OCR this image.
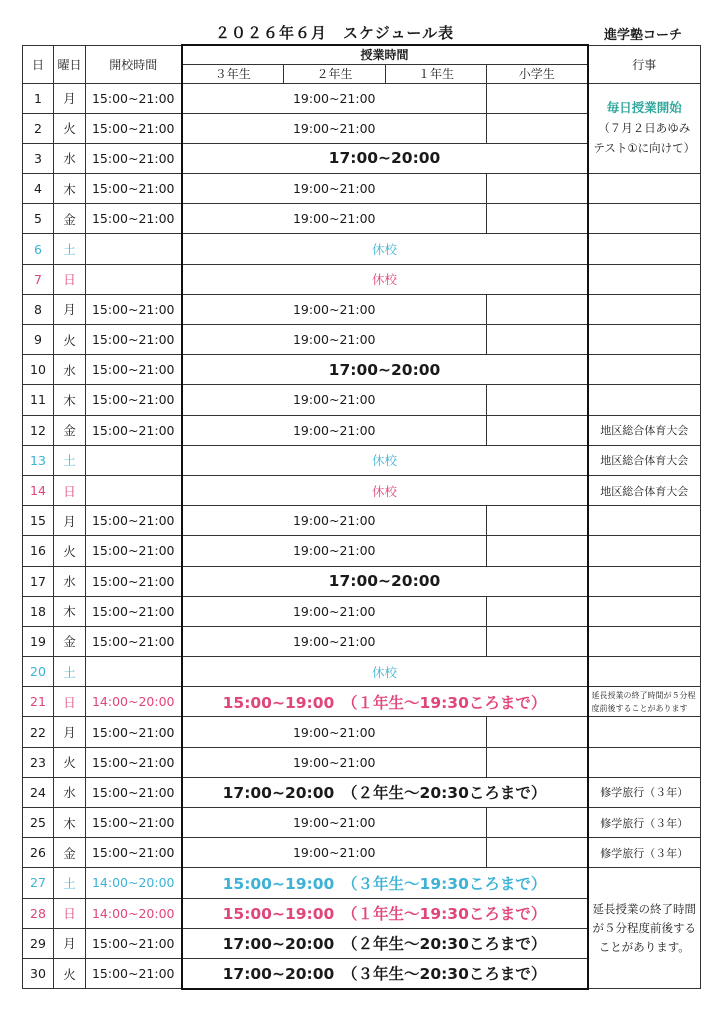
２０２６年６月　スケジュール表	進学塾コーチ
日	曜日	開校時間	授業時間				行事
			３年生	２年生	１年生	小学生	
1	月	15:00~21:00	19:00~21:00				毎日授業開始
（７月２日あゆみ
テスト①に向けて）

2	火	15:00~21:00	19:00~21:00				
3	水	15:00~21:00	17:00~20:00				
4	木	15:00~21:00	19:00~21:00				
5	金	15:00~21:00	19:00~21:00				
6	土		休校				
7	日		休校				
8	月	15:00~21:00	19:00~21:00				
9	火	15:00~21:00	19:00~21:00				
10	水	15:00~21:00	17:00~20:00				
11	木	15:00~21:00	19:00~21:00				
12	金	15:00~21:00	19:00~21:00				地区総合体育大会
13	土		休校				地区総合体育大会
14	日		休校				地区総合体育大会
15	月	15:00~21:00	19:00~21:00				
16	火	15:00~21:00	19:00~21:00				
17	水	15:00~21:00	17:00~20:00				
18	木	15:00~21:00	19:00~21:00				
19	金	15:00~21:00	19:00~21:00				
20	土		休校				
21	日	14:00~20:00	15:00~19:00　（１年生～19:30ころまで）				延長授業の終了時間が５分程度前後することがあります
22	月	15:00~21:00	19:00~21:00				
23	火	15:00~21:00	19:00~21:00				
24	水	15:00~21:00	17:00~20:00　（２年生～20:30ころまで）				修学旅行（３年）
25	木	15:00~21:00	19:00~21:00				修学旅行（３年）
26	金	15:00~21:00	19:00~21:00				修学旅行（３年）
27	土	14:00~20:00	15:00~19:00　（３年生～19:30ころまで）				延長授業の終了時間が５分程度前後することがあります。
28	日	14:00~20:00	15:00~19:00　（１年生～19:30ころまで）				
29	月	15:00~21:00	17:00~20:00　（２年生～20:30ころまで）				
30	火	15:00~21:00	17:00~20:00　（３年生～20:30ころまで）				
